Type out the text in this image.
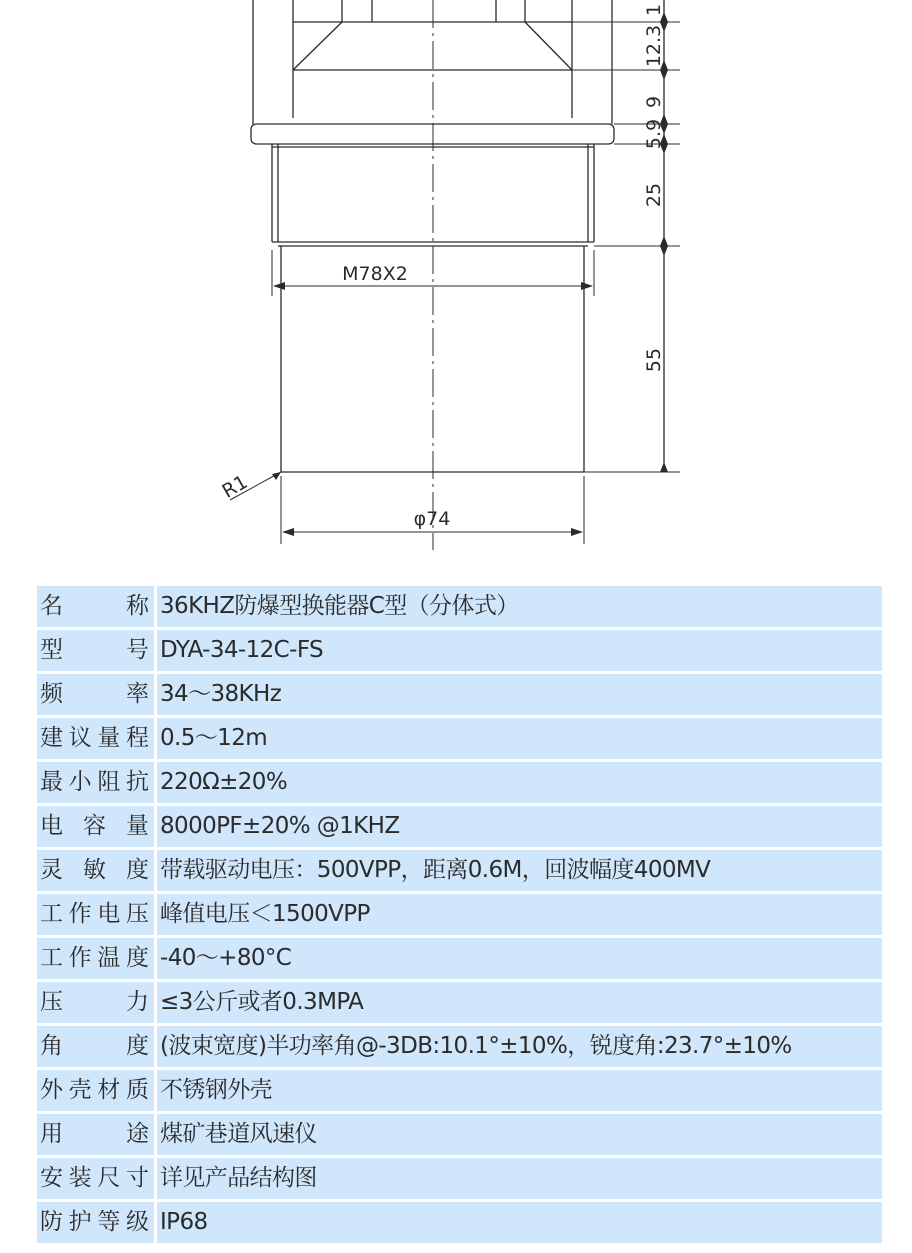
1
12.3
9
5.9
25
55
M78X2
R1
φ74
名 称	36KHZ防爆型换能器C型（分体式）
型 号	DYA-34-12C-FS
频 率	34～38KHz
建议量程	0.5～12m
最小阻抗	220Ω±20%
电 容 量	8000PF±20% @1KHZ
灵 敏 度	带载驱动电压：500VPP，距离0.6M，回波幅度400MV
工作电压	峰值电压＜1500VPP
工作温度	-40～+80°C
压 力	≤3公斤或者0.3MPA
角 度	(波束宽度)半功率角@-3DB:10.1°±10%，锐度角:23.7°±10%
外壳材质	不锈钢外壳
用 途	煤矿巷道风速仪
安装尺寸	详见产品结构图
防护等级	IP68
